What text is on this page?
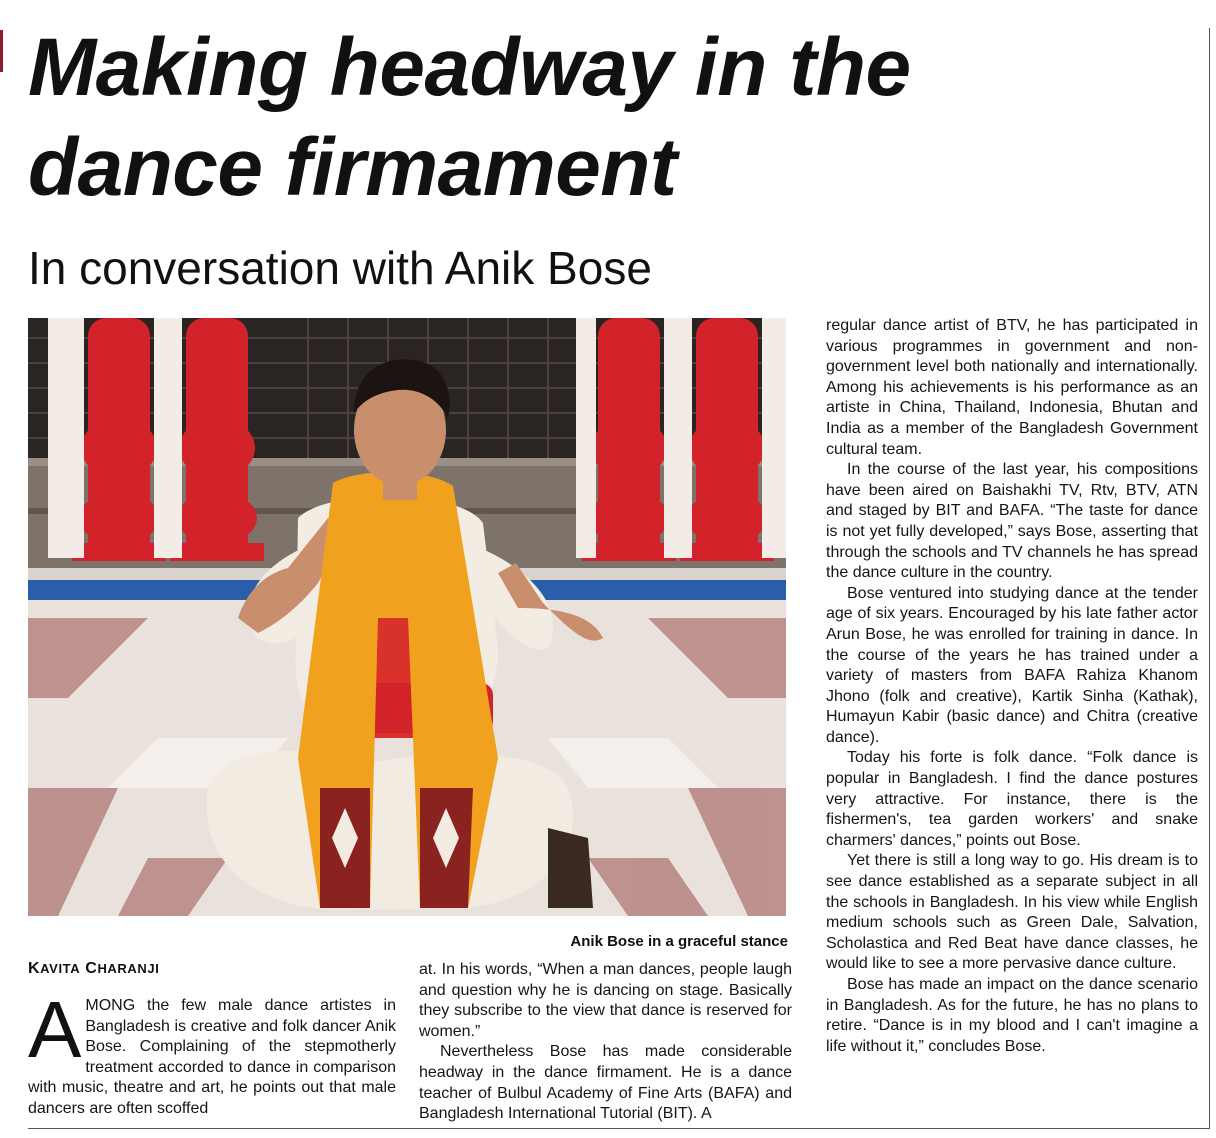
Making headway in the
dance firmament
In conversation with Anik Bose

Anik Bose in a graceful stance

KAVITA CHARANJI

AMONG the few male dance artistes in Bangladesh is creative and folk dancer Anik Bose. Complaining of the stepmotherly treatment accorded to dance in comparison with music, theatre and art, he points out that male dancers are often scoffed

at. In his words, “When a man dances, people laugh and question why he is dancing on stage. Basically they subscribe to the view that dance is reserved for women.”

Nevertheless Bose has made considerable headway in the dance firmament. He is a dance teacher of Bulbul Academy of Fine Arts (BAFA) and Bangladesh International Tutorial (BIT). A

regular dance artist of BTV, he has participated in various programmes in government and non-government level both nationally and internationally. Among his achievements is his performance as an artiste in China, Thailand, Indonesia, Bhutan and India as a member of the Bangladesh Government cultural team.

In the course of the last year, his compositions have been aired on Baishakhi TV, Rtv, BTV, ATN and staged by BIT and BAFA. “The taste for dance is not yet fully developed,” says Bose, asserting that through the schools and TV channels he has spread the dance culture in the country.

Bose ventured into studying dance at the tender age of six years. Encouraged by his late father actor Arun Bose, he was enrolled for training in dance. In the course of the years he has trained under a variety of masters from BAFA Rahiza Khanom Jhono (folk and creative), Kartik Sinha (Kathak), Humayun Kabir (basic dance) and Chitra (creative dance).

Today his forte is folk dance. “Folk dance is popular in Bangladesh. I find the dance postures very attractive. For instance, there is the fishermen's, tea garden workers' and snake charmers' dances,” points out Bose.

Yet there is still a long way to go. His dream is to see dance established as a separate subject in all the schools in Bangladesh. In his view while English medium schools such as Green Dale, Salvation, Scholastica and Red Beat have dance classes, he would like to see a more pervasive dance culture.

Bose has made an impact on the dance scenario in Bangladesh. As for the future, he has no plans to retire. “Dance is in my blood and I can't imagine a life without it,” concludes Bose.
